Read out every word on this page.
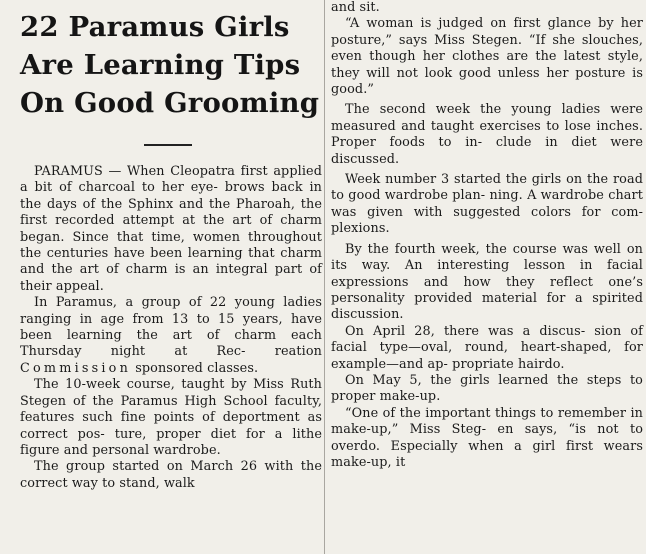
22 Paramus Girls
Are Learning Tips
On Good Grooming

PARAMUS — When Cleopatra first applied a bit of charcoal to her eye- brows back in the days of the Sphinx and the Pharoah, the first recorded attempt at the art of charm began. Since that time, women throughout the centuries have been learning that charm and the art of charm is an integral part of their appeal.

In Paramus, a group of 22 young ladies ranging in age from 13 to 15 years, have been learning the art of charm each Thursday night at Rec- reation Commission sponsored classes.

The 10-week course, taught by Miss Ruth Stegen of the Paramus High School faculty, features such fine points of deportment as correct pos- ture, proper diet for a lithe figure and personal wardrobe.

The group started on March 26 with the correct way to stand, walk

and sit.

“A woman is judged on first glance by her posture,” says Miss Stegen. “If she slouches, even though her clothes are the latest style, they will not look good unless her posture is good.”

The second week the young ladies were measured and taught exercises to lose inches. Proper foods to in- clude in diet were discussed.

Week number 3 started the girls on the road to good wardrobe plan- ning. A wardrobe chart was given with suggested colors for com- plexions.

By the fourth week, the course was well on its way. An interesting lesson in facial expressions and how they reflect one’s personality provided material for a spirited discussion.

On April 28, there was a discus- sion of facial type—oval, round, heart-shaped, for example—and ap- propriate hairdo.

On May 5, the girls learned the steps to proper make-up.

“One of the important things to remember in make-up,” Miss Steg- en says, “is not to overdo. Especially when a girl first wears make-up, it
